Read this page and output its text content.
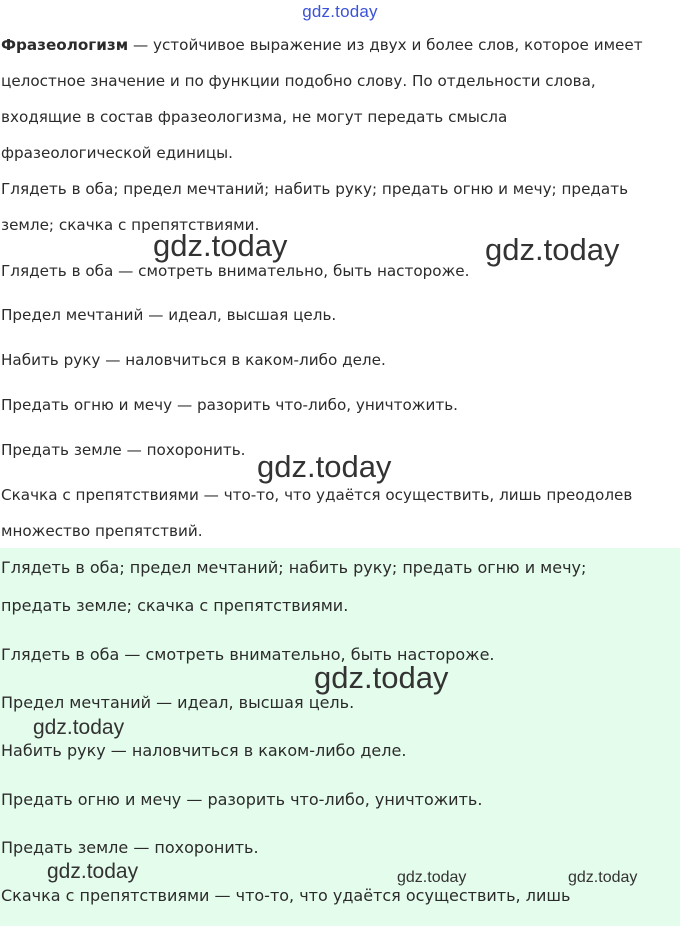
gdz.today
Фразеологизм — устойчивое выражение из двух и более слов, которое имеет
целостное значение и по функции подобно слову. По отдельности слова,
входящие в состав фразеологизма, не могут передать смысла
фразеологической единицы.
Глядеть в оба; предел мечтаний; набить руку; предать огню и мечу; предать
земле; скачка с препятствиями.
Глядеть в оба — смотреть внимательно, быть настороже.
Предел мечтаний — идеал, высшая цель.
Набить руку — наловчиться в каком-либо деле.
Предать огню и мечу — разорить что-либо, уничтожить.
Предать земле — похоронить.
Скачка с препятствиями — что-то, что удаётся осуществить, лишь преодолев
множество препятствий.
Глядеть в оба; предел мечтаний; набить руку; предать огню и мечу;
предать земле; скачка с препятствиями.
Глядеть в оба — смотреть внимательно, быть настороже.
Предел мечтаний — идеал, высшая цель.
Набить руку — наловчиться в каком-либо деле.
Предать огню и мечу — разорить что-либо, уничтожить.
Предать земле — похоронить.
Скачка с препятствиями — что-то, что удаётся осуществить, лишь
gdz.today	gdz.today
gdz.today
gdz.today
gdz.today
gdz.today	gdz.today	gdz.today
